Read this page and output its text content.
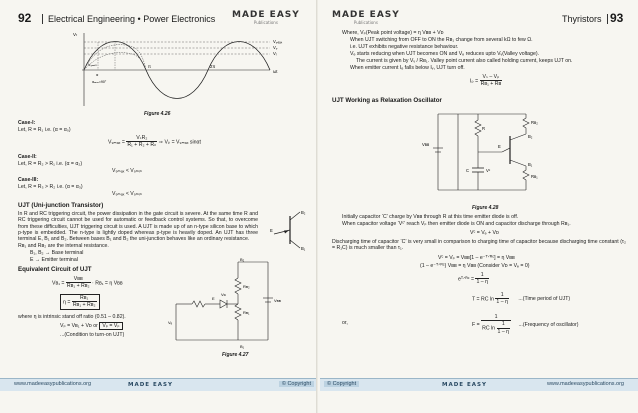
92	Electrical Engineering • Power Electronics MADE EASY
Publications
Vₜ
Vₚₑₐₖ
Vₚ
Vᵣ
V₉ₘᵢₙ
α
αₘₐₓ=90°
π	2π
ωt
Figure 4.26
Case-I:
Let, R = R₁ i.e. (α = α₀)
$V_{9max} = \frac{\text{VₛR₂}}{\text{R₁ + R₂ + Rₙ}}$ ⇒ Vₚ = V₉ₘₐₓ sinαt
Case-II:
Let, R = R₂ > R₁ i.e. (α = α₂)
V₉ₘₐₓ < V₉ₘᵢₙ
Case-III:
Let, R = R₃ > R₂ i.e. (α = α₃)
V₉ₘₐₓ < V₉ₘᵢₙ
UJT (Uni-junction Transistor)
In R and RC triggering circuit, the power dissipation in the gate circuit is severe. At the same time R and RC triggering circuit cannot be used for automatic or feedback control systems. So that, to overcome from these difficulties, UJT triggering circuit is used. A UJT is made up of an n-type silicon base to which p-type is embedded. The n-type is lightly doped whereas p-type is heavily doped. An UJT has three terminal E, B₁ and B₂. Between bases B₁ and B₂ the uni-junction behaves like an ordinary resistance.
Rʙ₁ and Rʙ₂ are the internal resistance.
B₁, B₂ → Base terminal
E → Emitter terminal
B₂
E
B₁
Equivalent Circuit of UJT
Vʙ₁ = $\frac{\text{Vʙʙ}}{\text{Rʙ₁ + Rʙ₂}}$ · Rʙ₁ = η Vʙʙ
$\eta = \frac{\text{Rʙ₁}}{\text{Rʙ₁ + Rʙ₂}}$
where η is intrinsic stand off ratio (0.51 – 0.82).
Vₚ = Vʙ₁ + Vᴅ or Vₚ = Vₚ
...(Condition to turn-on UJT)
B₂
E
B₁
Rʙ₂
Rʙ₁
Vʙʙ
Vₑ
Vᴅ
Figure 4.27
www.madeeasypublications.org	MADE EASY	© Copyright
MADE EASY
Publications	Thyristors 93
Where, Vₚ(Peak point voltage) = η Vʙʙ + Vᴅ
When UJT switching from OFF to ON the Rʙ₁ change from several kΩ to few Ω.
i.e. UJT exhibits negative resistance behaviour.
Vₑ starts reducing when UJT becomes ON and Vₑ reduces upto Vᵥ(Valley voltage).
The current is given by Vᵥ / Rʙ₁. Valley point current also called holding current, keeps UJT on.
When emitter current Iₑ falls below Iᵥ, UJT turn off.
$I_p = \frac{\text{Vₛ – Vₚ}}{\text{Rʙ₁ + Rʙ}}$
UJT Working as Relaxation Oscillator
Vʙʙ
R
Rʙ₂
B₂
B₁
Rʙ₁
C	Vᶜ
E
Figure 4.28
Initially capacitor ‘C’ charge by Vʙʙ through R at this time emitter diode is off.
When capacitor voltage ‘Vᶜ’ reach Vₚ then emitter diode is ON and capacitor discharge through Rʙ₁.
Vᶜ = Vₑ + Vᴅ
Discharging time of capacitor ‘C’ is very small in comparison to charging time of capacitor because discharging time constant (τ₂ = R₁C) is much smaller than τ₁.
Vᶜ = Vₚ = Vʙʙ[1 – e⁻ᵀᐟᴿᶜ] = η Vʙʙ
(1 – e⁻ᵀᐟᴿᶜ) Vʙʙ = η Vʙʙ (Consider Vᴅ = Vₑ = 0)
eᵀᐟᴿᶜ = $\frac{1}{1 - \eta}$
T = RC $\ln \frac{1}{1 - \eta}$ ...(Time period of UJT)
or,	$F = \frac{1}{RC \ln \frac{1}{1 - \eta}}$ ...(Frequency of oscillator)
© Copyright	MADE EASY	www.madeeasypublications.org
